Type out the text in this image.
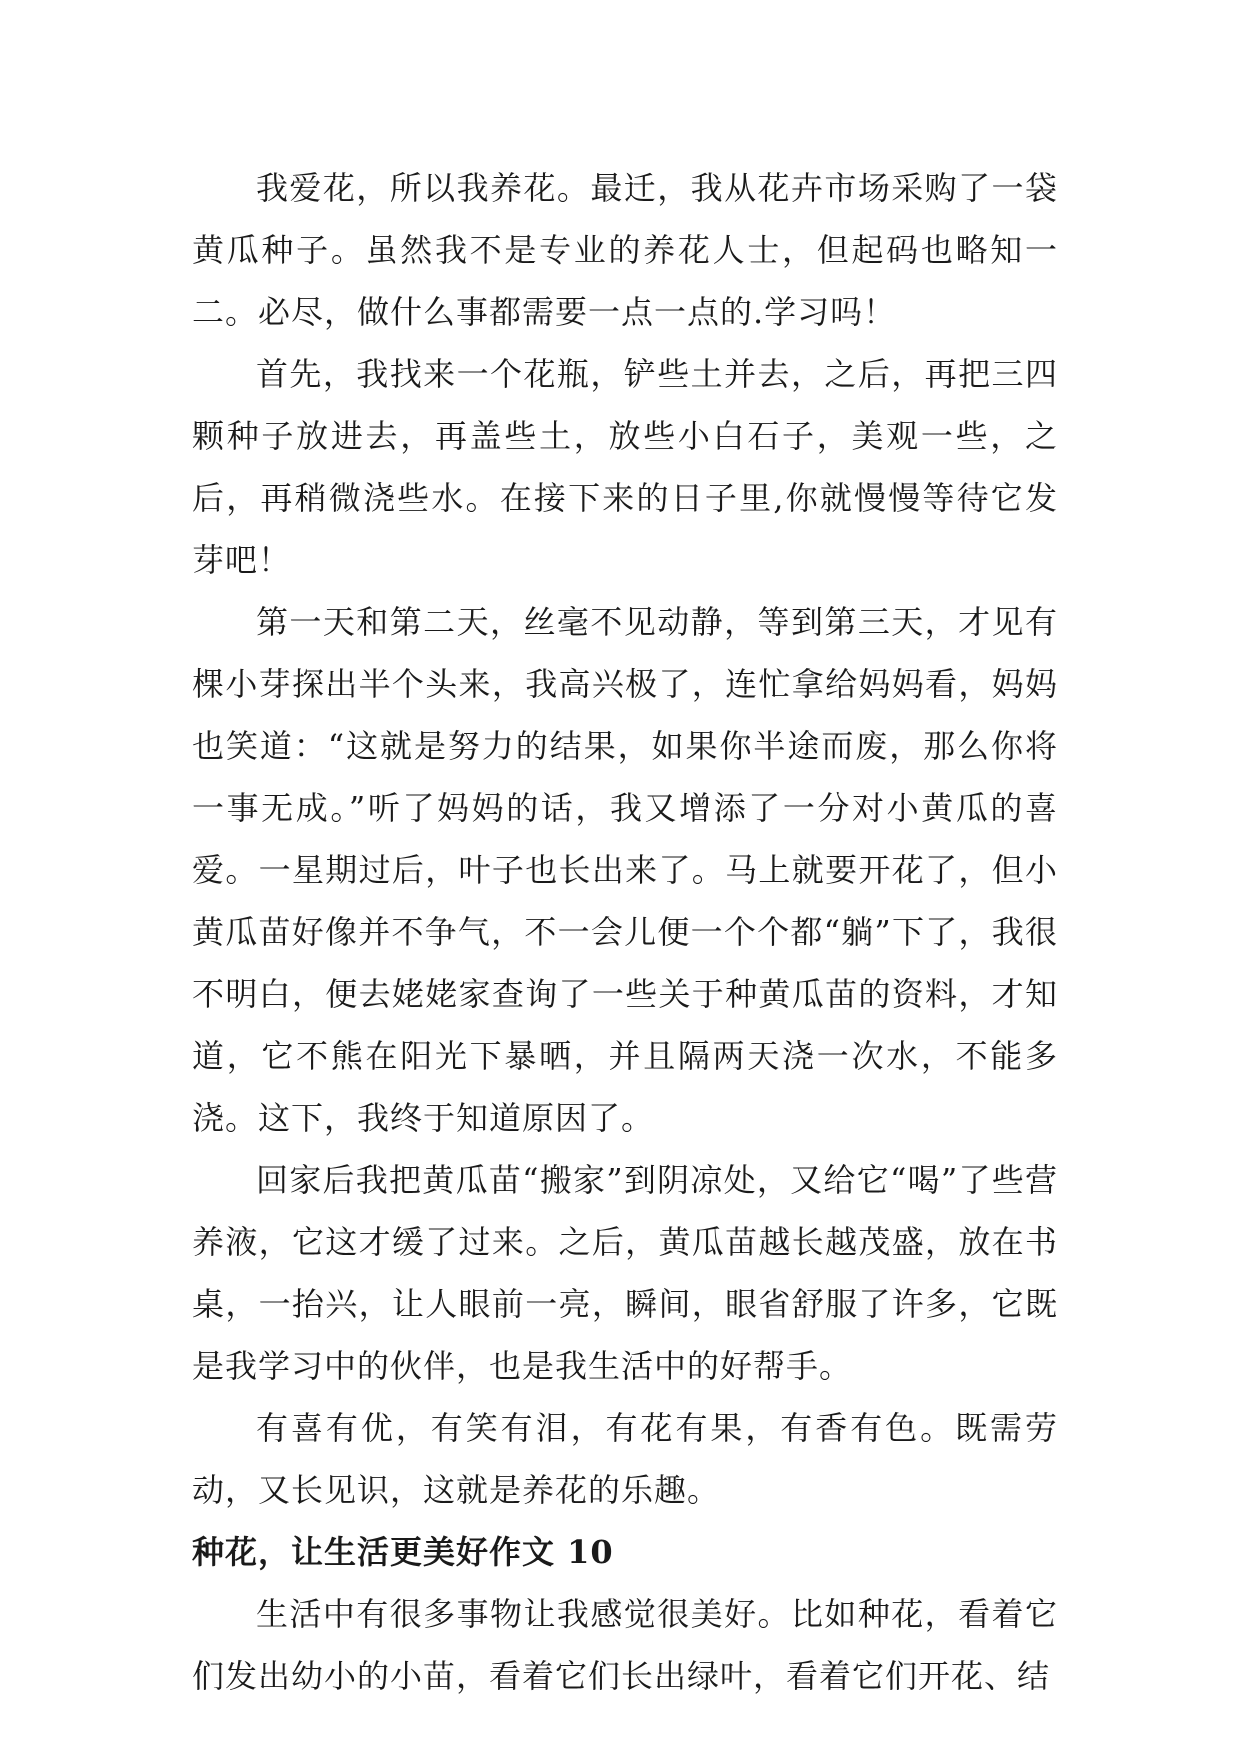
我爱花，所以我养花。最迁，我从花卉市场采购了一袋黄瓜种子。虽然我不是专业的养花人士，但起码也略知一二。必尽，做什么事都需要一点一点的.学习吗！

首先，我找来一个花瓶，铲些土并去，之后，再把三四颗种子放进去，再盖些土，放些小白石子，美观一些，之后，再稍微浇些水。在接下来的日子里,你就慢慢等待它发芽吧！

第一天和第二天，丝毫不见动静，等到第三天，才见有棵小芽探出半个头来，我高兴极了，连忙拿给妈妈看，妈妈也笑道：“这就是努力的结果，如果你半途而废，那么你将一事无成。”听了妈妈的话，我又增添了一分对小黄瓜的喜爱。一星期过后，叶子也长出来了。马上就要开花了，但小黄瓜苗好像并不争气，不一会儿便一个个都“躺”下了，我很不明白，便去姥姥家查询了一些关于种黄瓜苗的资料，才知道，它不熊在阳光下暴晒，并且隔两天浇一次水，不能多浇。这下，我终于知道原因了。

回家后我把黄瓜苗“搬家”到阴凉处，又给它“喝”了些营养液，它这才缓了过来。之后，黄瓜苗越长越茂盛，放在书桌，一抬兴，让人眼前一亮，瞬间，眼省舒服了许多，它既是我学习中的伙伴，也是我生活中的好帮手。

有喜有优，有笑有泪，有花有果，有香有色。既需劳动，又长见识，这就是养花的乐趣。

种花，让生活更美好作文 10

生活中有很多事物让我感觉很美好。比如种花，看着它们发出幼小的小苗，看着它们长出绿叶，看着它们开花、结
